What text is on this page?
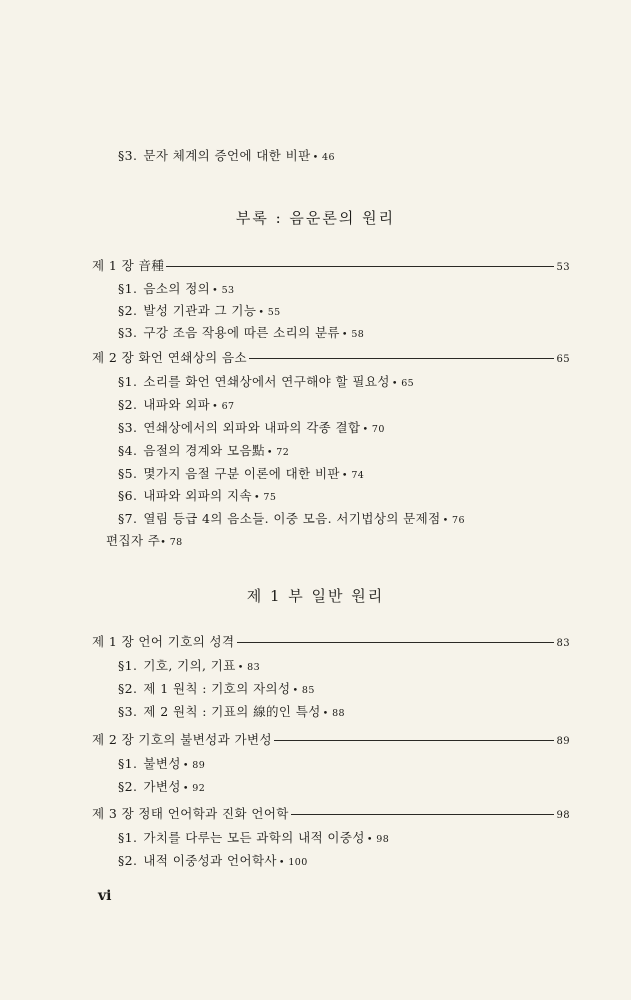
§3. 문자 체계의 증언에 대한 비판 • 46
부록 : 음운론의 원리
제 1 장 音種	53
§1. 음소의 정의 • 53
§2. 발성 기관과 그 기능 • 55
§3. 구강 조음 작용에 따른 소리의 분류 • 58
제 2 장 화언 연쇄상의 음소	65
§1. 소리를 화언 연쇄상에서 연구해야 할 필요성 • 65
§2. 내파와 외파 • 67
§3. 연쇄상에서의 외파와 내파의 각종 결합 • 70
§4. 음절의 경계와 모음點 • 72
§5. 몇가지 음절 구분 이론에 대한 비판 • 74
§6. 내파와 외파의 지속 • 75
§7. 열림 등급 4의 음소들. 이중 모음. 서기법상의 문제점 • 76
편집자 주• 78
제 1 부 일반 원리
제 1 장 언어 기호의 성격	83
§1. 기호, 기의, 기표 • 83
§2. 제 1 원칙 : 기호의 자의성 • 85
§3. 제 2 원칙 : 기표의 線的인 특성 • 88
제 2 장 기호의 불변성과 가변성	89
§1. 불변성 • 89
§2. 가변성 • 92
제 3 장 정태 언어학과 진화 언어학	98
§1. 가치를 다루는 모든 과학의 내적 이중성 • 98
§2. 내적 이중성과 언어학사 • 100
vi
